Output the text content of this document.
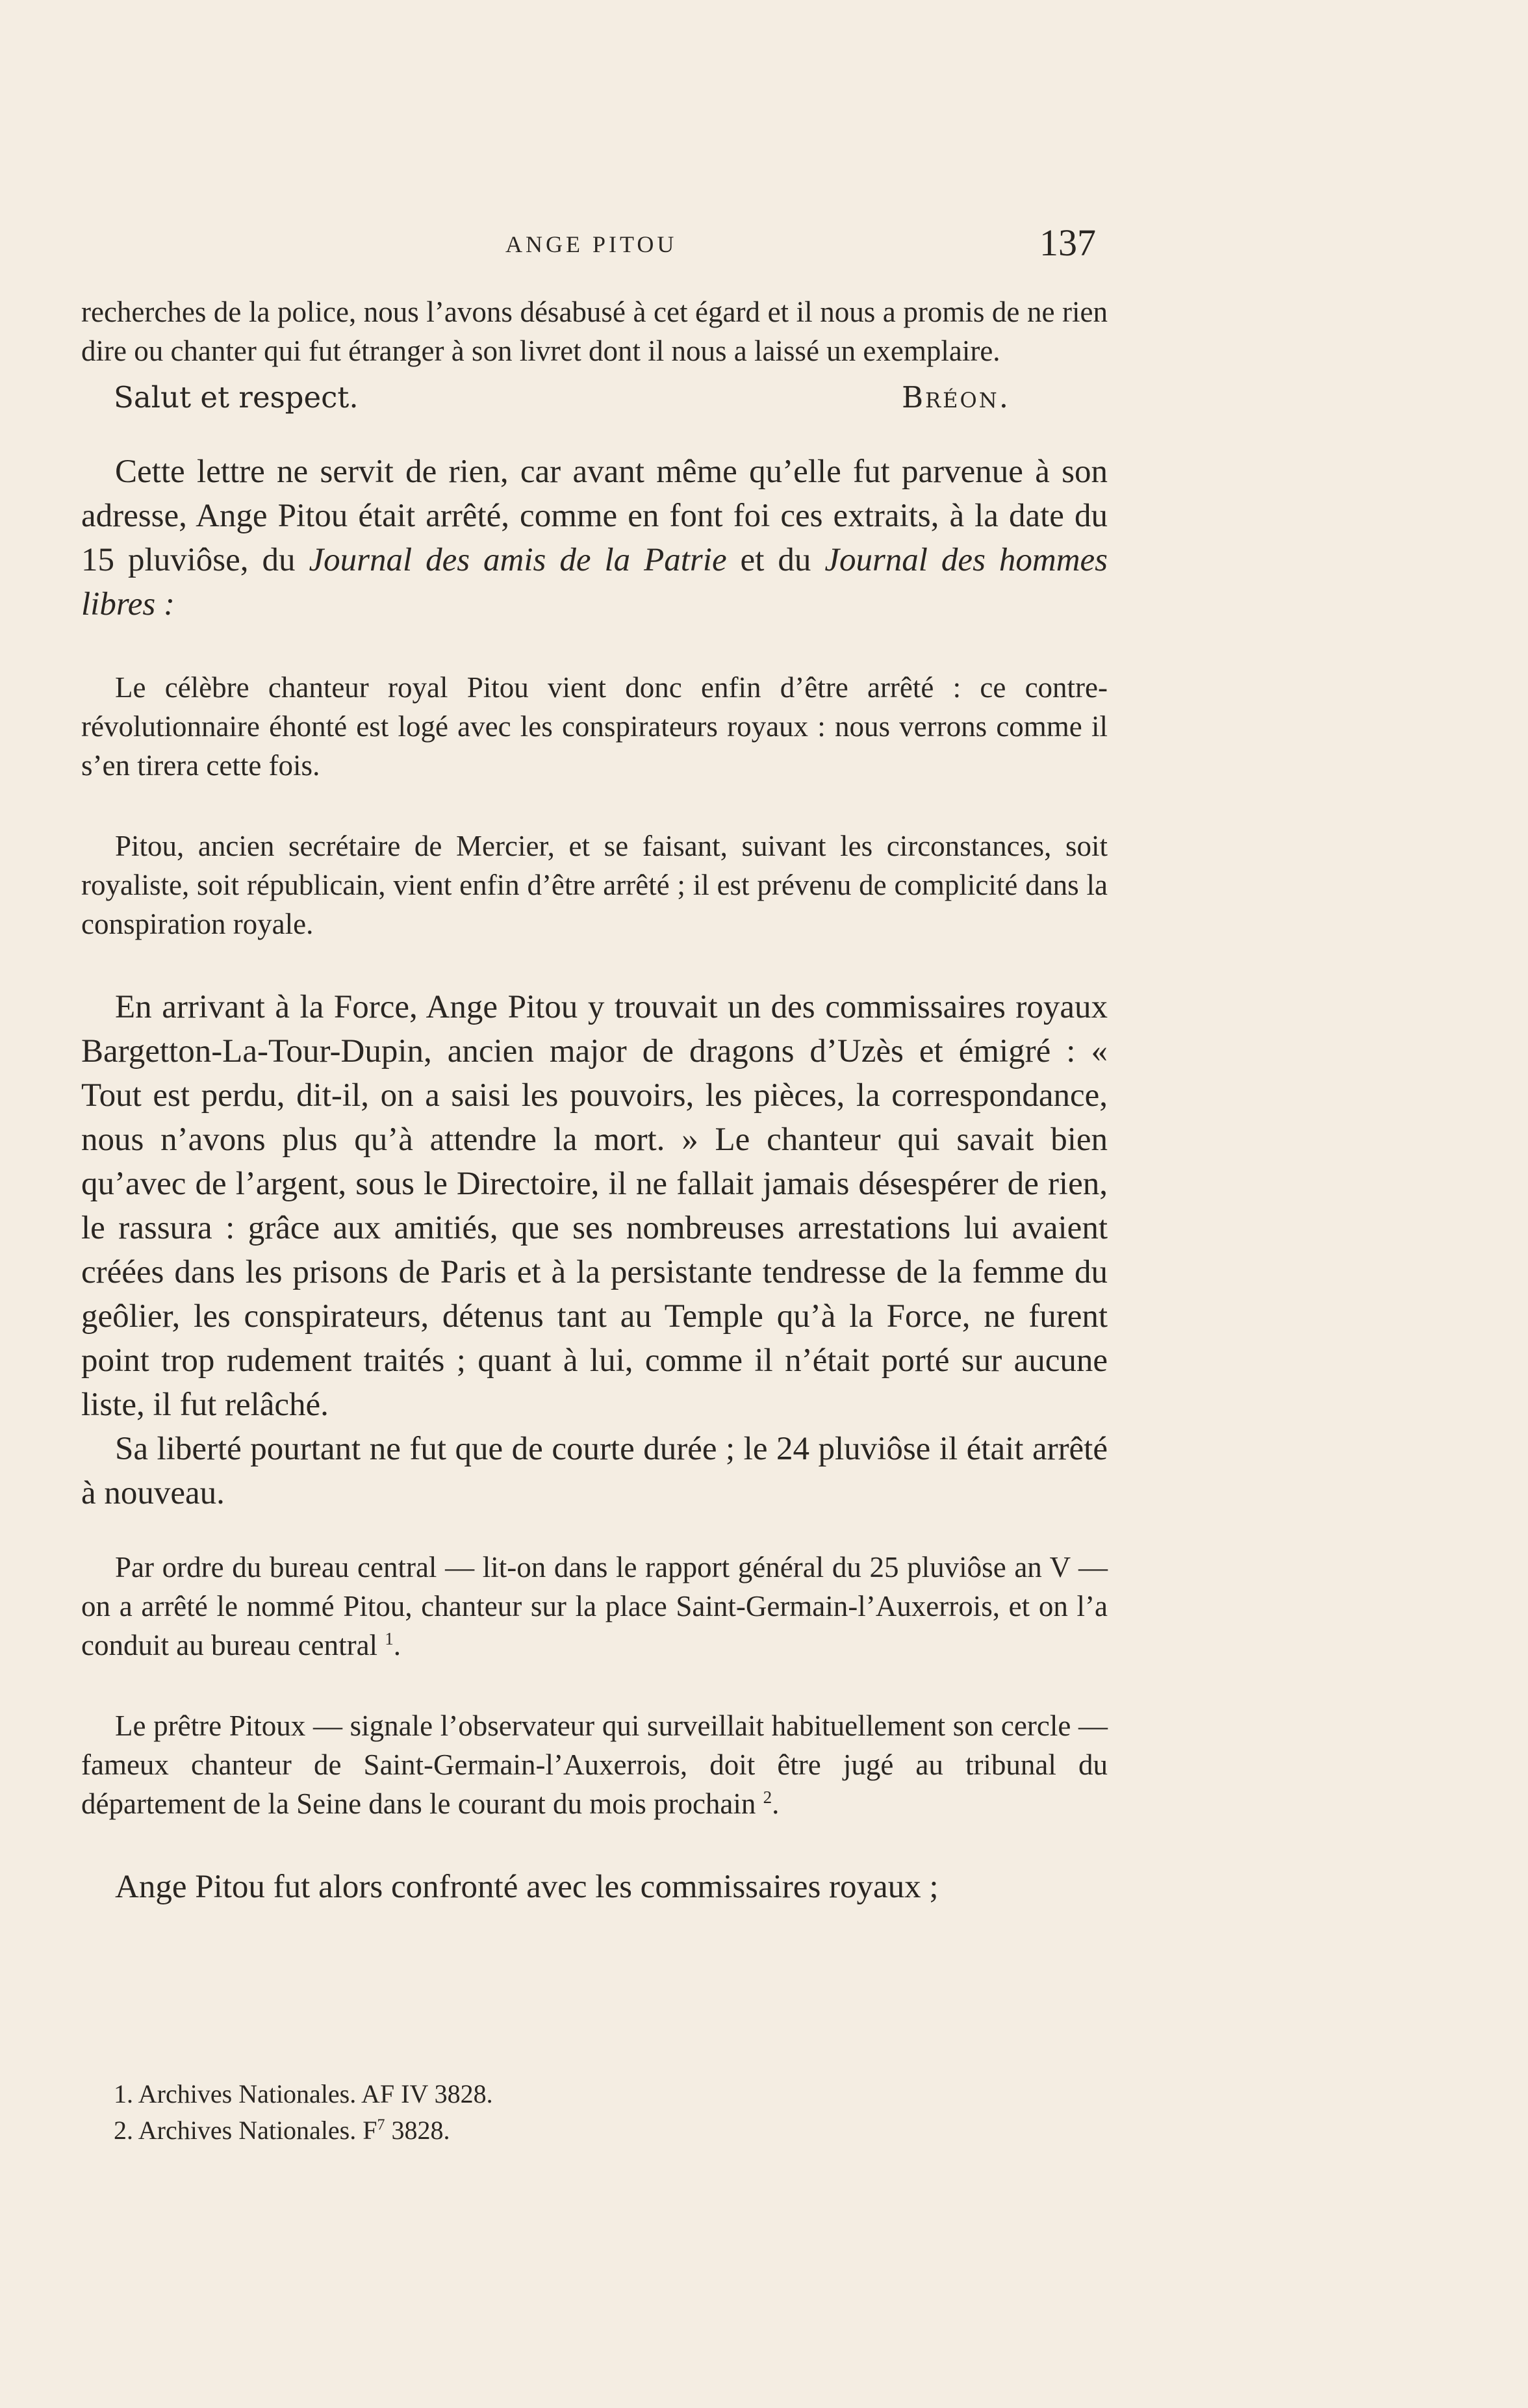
ANGE PITOU	137

recherches de la police, nous l’avons désabusé à cet égard et il nous a promis de ne rien dire ou chanter qui fut étranger à son livret dont il nous a laissé un exemplaire.

Salut et respect.	Bréon.

Cette lettre ne servit de rien, car avant même qu’elle fut parvenue à son adresse, Ange Pitou était arrêté, comme en font foi ces extraits, à la date du 15 pluviôse, du Journal des amis de la Patrie et du Journal des hommes libres :

Le célèbre chanteur royal Pitou vient donc enfin d’être arrêté : ce contre-révolutionnaire éhonté est logé avec les conspirateurs royaux : nous verrons comme il s’en tirera cette fois.

Pitou, ancien secrétaire de Mercier, et se faisant, suivant les circonstances, soit royaliste, soit républicain, vient enfin d’être arrêté ; il est prévenu de complicité dans la conspiration royale.

En arrivant à la Force, Ange Pitou y trouvait un des commissaires royaux Bargetton-La-Tour-Dupin, ancien major de dragons d’Uzès et émigré : « Tout est perdu, dit-il, on a saisi les pouvoirs, les pièces, la correspondance, nous n’avons plus qu’à attendre la mort. » Le chanteur qui savait bien qu’avec de l’argent, sous le Directoire, il ne fallait jamais désespérer de rien, le rassura : grâce aux amitiés, que ses nombreuses arrestations lui avaient créées dans les prisons de Paris et à la persistante tendresse de la femme du geôlier, les conspirateurs, détenus tant au Temple qu’à la Force, ne furent point trop rudement traités ; quant à lui, comme il n’était porté sur aucune liste, il fut relâché.

Sa liberté pourtant ne fut que de courte durée ; le 24 pluviôse il était arrêté à nouveau.

Par ordre du bureau central — lit-on dans le rapport général du 25 pluviôse an V — on a arrêté le nommé Pitou, chanteur sur la place Saint-Germain-l’Auxerrois, et on l’a conduit au bureau central $^1$.

Le prêtre Pitoux — signale l’observateur qui surveillait habituellement son cercle — fameux chanteur de Saint-Germain-l’Auxerrois, doit être jugé au tribunal du département de la Seine dans le courant du mois prochain $^2$.

Ange Pitou fut alors confronté avec les commissaires royaux ;

1. Archives Nationales. AF IV 3828.
2. Archives Nationales. $F^7$ 3828.
